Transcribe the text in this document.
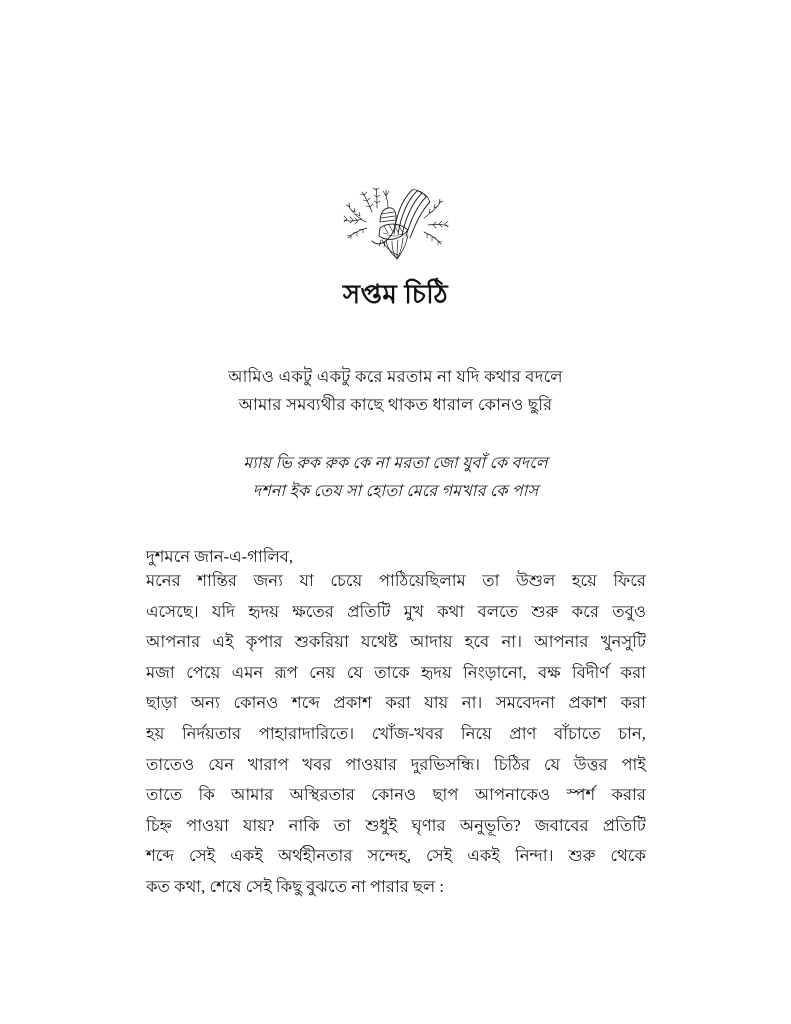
সপ্তম চিঠি
আমিও একটু একটু করে মরতাম না যদি কথার বদলে
আমার সমব্যথীর কাছে থাকত ধারাল কোনও ছুরি
ম্যায় ভি রুক রুক কে না মরতা জো যুবাঁ কে বদলে
দশনা ইক তেয সা হোতা মেরে গমখার কে পাস

দুশমনে জান-এ-গালিব,

মনের শান্তির জন্য যা চেয়ে পাঠিয়েছিলাম তা উশুল হয়ে ফিরে
এসেছে। যদি হৃদয় ক্ষতের প্রতিটি মুখ কথা বলতে শুরু করে তবুও
আপনার এই কৃপার শুকরিয়া যথেষ্ট আদায় হবে না। আপনার খুনসুটি
মজা পেয়ে এমন রূপ নেয় যে তাকে হৃদয় নিংড়ানো, বক্ষ বিদীর্ণ করা
ছাড়া অন্য কোনও শব্দে প্রকাশ করা যায় না। সমবেদনা প্রকাশ করা
হয় নির্দয়তার পাহারাদারিতে। খোঁজ-খবর নিয়ে প্রাণ বাঁচাতে চান,
তাতেও যেন খারাপ খবর পাওয়ার দুরভিসন্ধি। চিঠির যে উত্তর পাই
তাতে কি আমার অস্থিরতার কোনও ছাপ আপনাকেও স্পর্শ করার
চিহ্ন পাওয়া যায়? নাকি তা শুধুই ঘৃণার অনুভূতি? জবাবের প্রতিটি
শব্দে সেই একই অর্থহীনতার সন্দেহ, সেই একই নিন্দা। শুরু থেকে
কত কথা, শেষে সেই কিছু বুঝতে না পারার ছল :
